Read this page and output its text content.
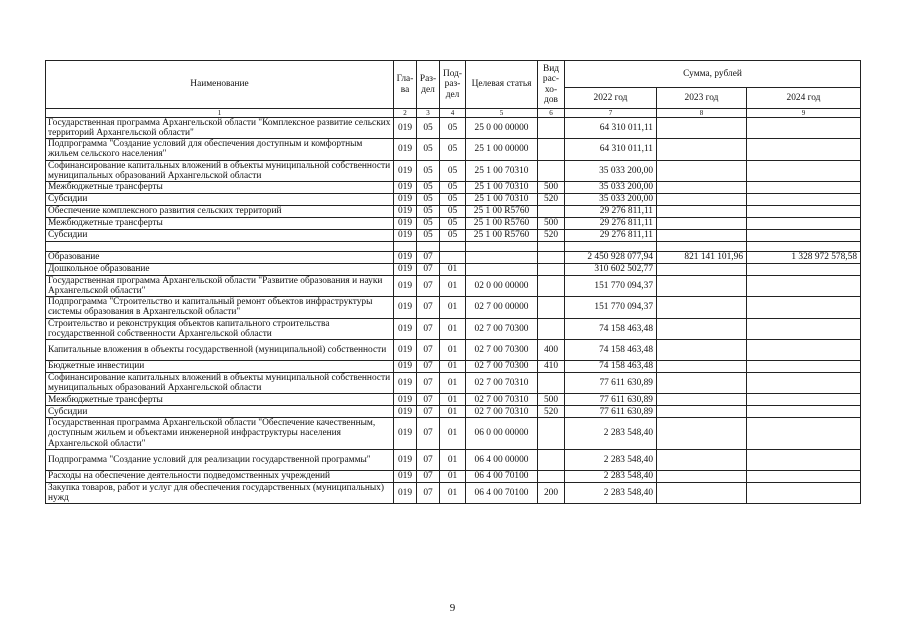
Наименование	Гла-ва	Раз-дел	Под-раз-дел	Целевая статья	Вид рас-хо-дов	Сумма, рублей		
						2022 год	2023 год	2024 год
1	2	3	4	5	6	7	8	9
Государственная программа Архангельской области "Комплексное развитие сельских территорий Архангельской области"	019	05	05	25 0 00 00000		64 310 011,11		
Подпрограмма "Создание условий для обеспечения доступным и комфортным жильем сельского населения"	019	05	05	25 1 00 00000		64 310 011,11		
Софинансирование капитальных вложений в объекты муниципальной собственности муниципальных образований Архангельской области	019	05	05	25 1 00 70310		35 033 200,00		
Межбюджетные трансферты	019	05	05	25 1 00 70310	500	35 033 200,00		
Субсидии	019	05	05	25 1 00 70310	520	35 033 200,00		
Обеспечение комплексного развития сельских территорий	019	05	05	25 1 00 R5760		29 276 811,11		
Межбюджетные трансферты	019	05	05	25 1 00 R5760	500	29 276 811,11		
Субсидии	019	05	05	25 1 00 R5760	520	29 276 811,11		

Образование	019	07				2 450 928 077,94	821 141 101,96	1 328 972 578,58
Дошкольное образование	019	07	01			310 602 502,77		
Государственная программа Архангельской области "Развитие образования и науки Архангельской области"	019	07	01	02 0 00 00000		151 770 094,37		
Подпрограмма "Строительство и капитальный ремонт объектов инфраструктуры системы образования в Архангельской области"	019	07	01	02 7 00 00000		151 770 094,37		
Строительство и реконструкция объектов капитального строительства государственной собственности Архангельской области	019	07	01	02 7 00 70300		74 158 463,48		
Капитальные вложения в объекты государственной (муниципальной) собственности	019	07	01	02 7 00 70300	400	74 158 463,48		
Бюджетные инвестиции	019	07	01	02 7 00 70300	410	74 158 463,48		
Софинансирование капитальных вложений в объекты муниципальной собственности муниципальных образований Архангельской области	019	07	01	02 7 00 70310		77 611 630,89		
Межбюджетные трансферты	019	07	01	02 7 00 70310	500	77 611 630,89		
Субсидии	019	07	01	02 7 00 70310	520	77 611 630,89		
Государственная программа Архангельской области "Обеспечение качественным, доступным жильем и объектами инженерной инфраструктуры населения Архангельской области"	019	07	01	06 0 00 00000		2 283 548,40		
Подпрограмма "Создание условий для реализации государственной программы"	019	07	01	06 4 00 00000		2 283 548,40		
Расходы на обеспечение деятельности подведомственных учреждений	019	07	01	06 4 00 70100		2 283 548,40		
Закупка товаров, работ и услуг для обеспечения государственных (муниципальных) нужд	019	07	01	06 4 00 70100	200	2 283 548,40		
9
